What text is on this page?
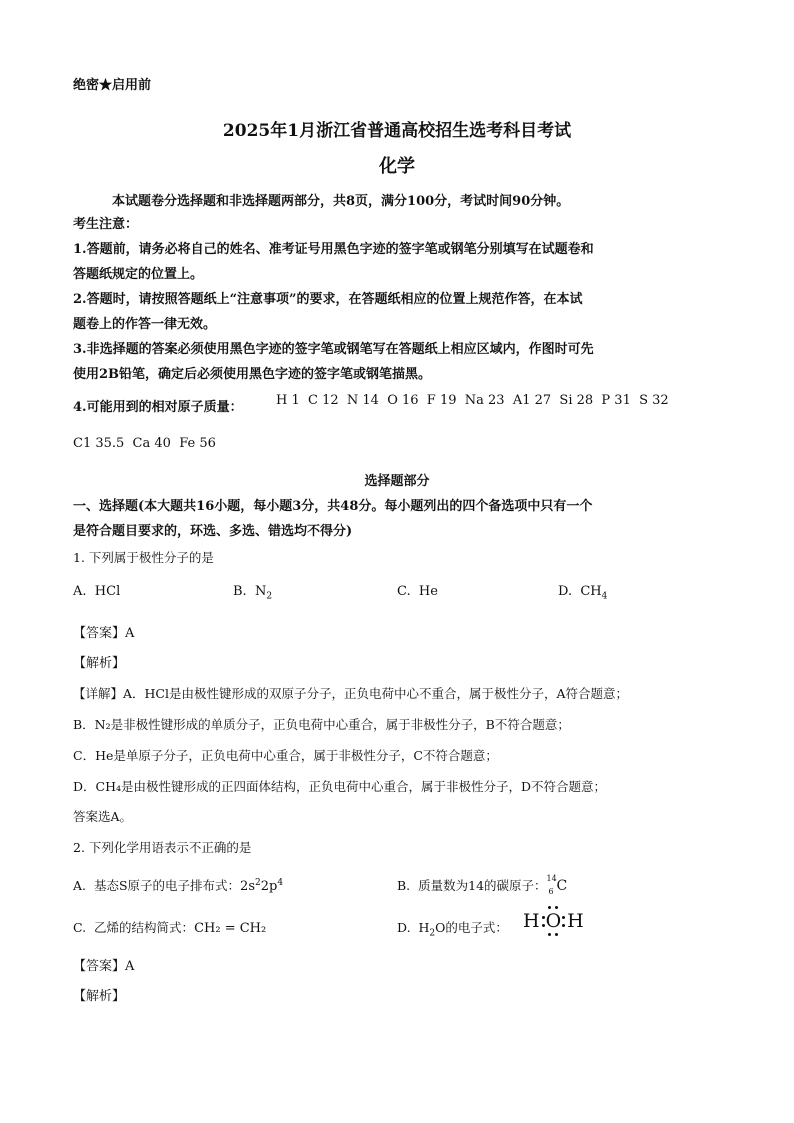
绝密★启用前
2025年1月浙江省普通高校招生选考科目考试
化学
本试题卷分选择题和非选择题两部分，共8页，满分100分，考试时间90分钟。
考生注意：
1.答题前，请务必将自己的姓名、准考证号用黑色字迹的签字笔或钢笔分别填写在试题卷和
答题纸规定的位置上。
2.答题时，请按照答题纸上“注意事项”的要求，在答题纸相应的位置上规范作答，在本试
题卷上的作答一律无效。
3.非选择题的答案必须使用黑色字迹的签字笔或钢笔写在答题纸上相应区域内，作图时可先
使用2B铅笔，确定后必须使用黑色字迹的签字笔或钢笔描黑。
4.可能用到的相对原子质量：	H 1  C 12  N 14  O 16  F 19  Na 23  A1 27  Si 28  P 31  S 32
C1 35.5  Ca 40  Fe 56
选择题部分
一、选择题(本大题共16小题，每小题3分，共48分。每小题列出的四个备选项中只有一个
是符合题目要求的，环选、多选、错选均不得分)
1. 下列属于极性分子的是
A. HCl	B. $N_2$	C. He	D. $CH_4$
【答案】A
【解析】
【详解】A．HCl是由极性键形成的双原子分子，正负电荷中心不重合，属于极性分子，A符合题意；
B．N₂是非极性键形成的单质分子，正负电荷中心重合，属于非极性分子，B不符合题意；
C．He是单原子分子，正负电荷中心重合，属于非极性分子，C不符合题意；
D．CH₄是由极性键形成的正四面体结构，正负电荷中心重合，属于非极性分子，D不符合题意；
答案选A。
2. 下列化学用语表示不正确的是
A. 基态S原子的电子排布式：$2s^22p^4$	B. 质量数为14的碳原子： 14
6 C
C. 乙烯的结构简式：CH₂ = CH₂	D. $H_2O$的电子式： H O H
【答案】A
【解析】
